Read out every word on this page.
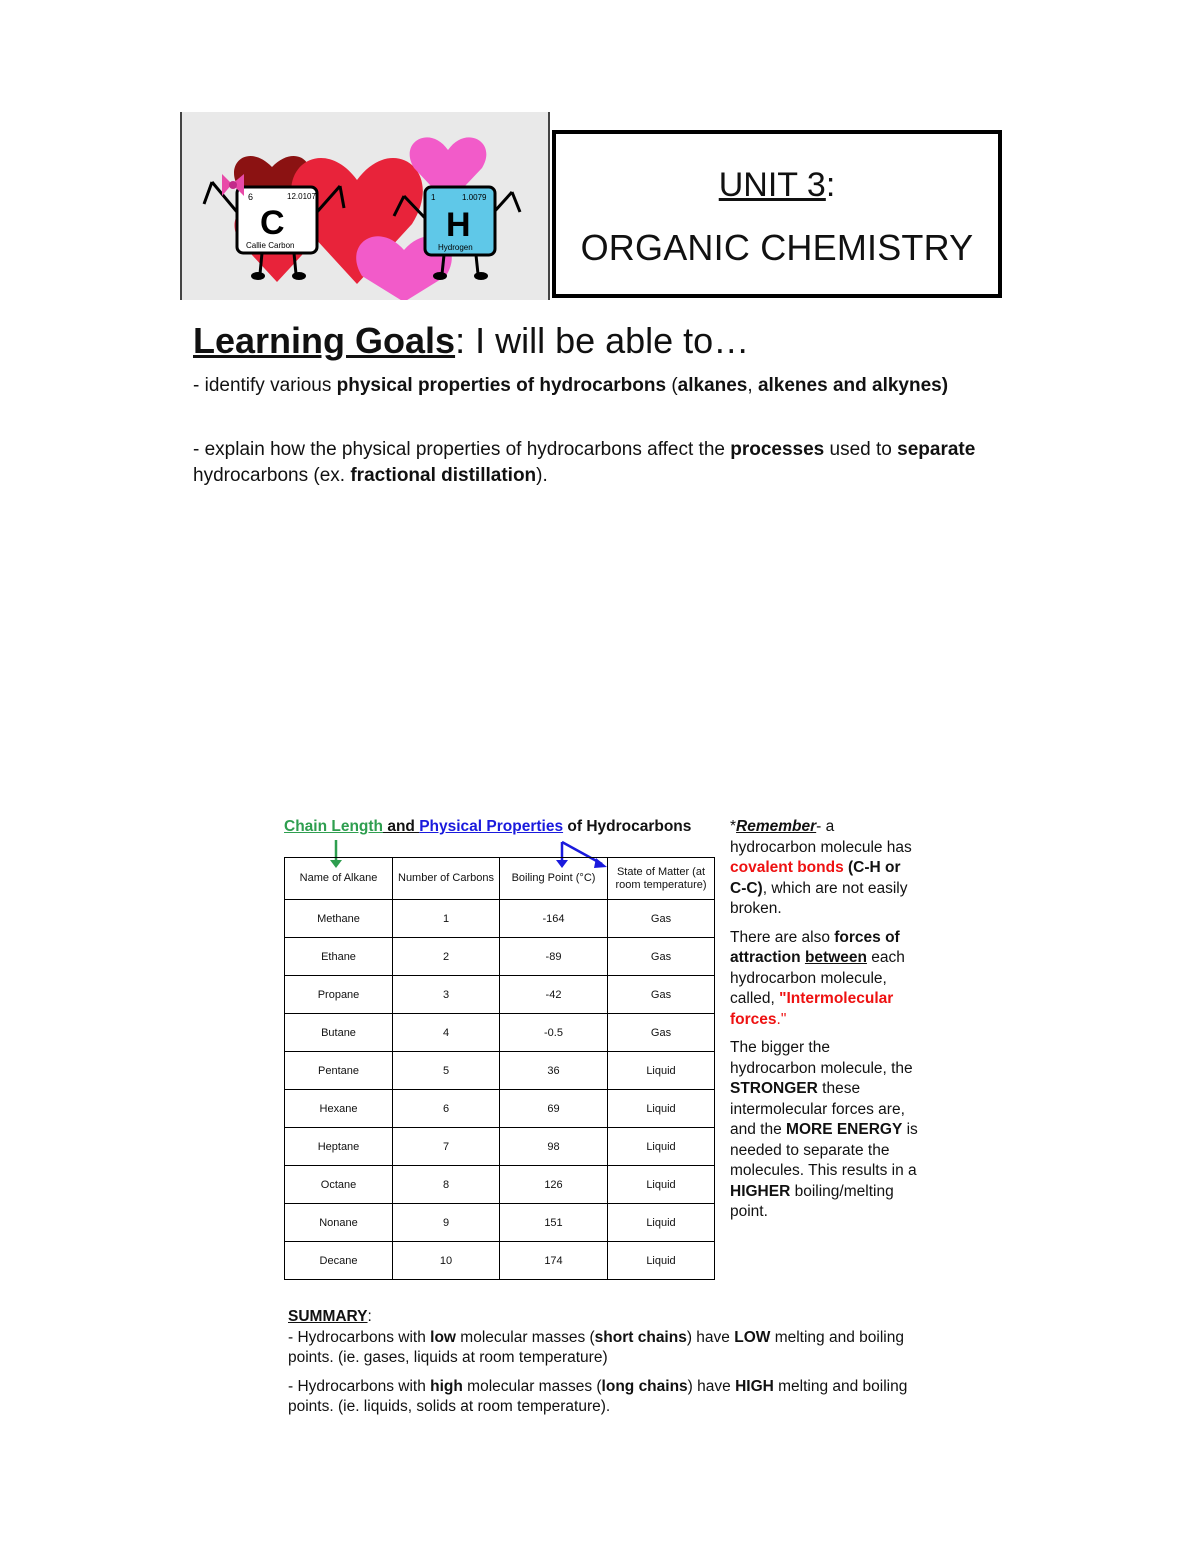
6	12.0107
C
Callie Carbon
1	1.0079
H
Hydrogen
UNIT 3:
ORGANIC CHEMISTRY
Learning Goals: I will be able to…
- identify various physical properties of hydrocarbons (alkanes, alkenes and alkynes)
- explain how the physical properties of hydrocarbons affect the processes used to separate hydrocarbons (ex. fractional distillation).
Chain Length and Physical Properties of Hydrocarbons
Name of Alkane	Number of Carbons	Boiling Point (°C)	State of Matter (at room temperature)
Methane	1	-164	Gas
Ethane	2	-89	Gas
Propane	3	-42	Gas
Butane	4	-0.5	Gas
Pentane	5	36	Liquid
Hexane	6	69	Liquid
Heptane	7	98	Liquid
Octane	8	126	Liquid
Nonane	9	151	Liquid
Decane	10	174	Liquid

*Remember- a hydrocarbon molecule has covalent bonds (C-H or C-C), which are not easily broken.

There are also forces of attraction between each hydrocarbon molecule, called, "Intermolecular forces."

The bigger the hydrocarbon molecule, the STRONGER these intermolecular forces are, and the MORE ENERGY is needed to separate the molecules. This results in a HIGHER boiling/melting point.

SUMMARY:

- Hydrocarbons with low molecular masses (short chains) have LOW melting and boiling points. (ie. gases, liquids at room temperature)

- Hydrocarbons with high molecular masses (long chains) have HIGH melting and boiling points. (ie. liquids, solids at room temperature).
